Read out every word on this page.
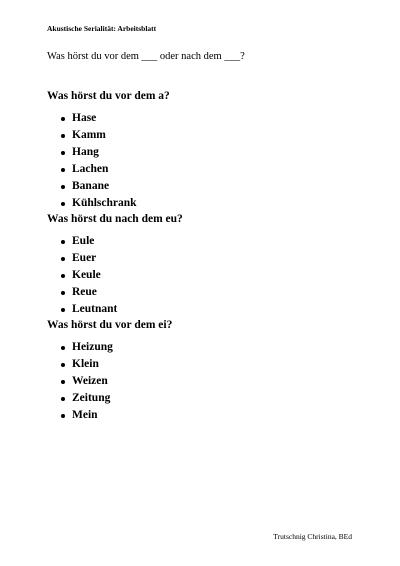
Akustische Serialität: Arbeitsblatt
Was hörst du vor dem ___ oder nach dem ___?
Was hörst du vor dem a?
Hase
Kamm
Hang
Lachen
Banane
Kühlschrank
Was hörst du nach dem eu?
Eule
Euer
Keule
Reue
Leutnant
Was hörst du vor dem ei?
Heizung
Klein
Weizen
Zeitung
Mein
Trutschnig Christina, BEd
